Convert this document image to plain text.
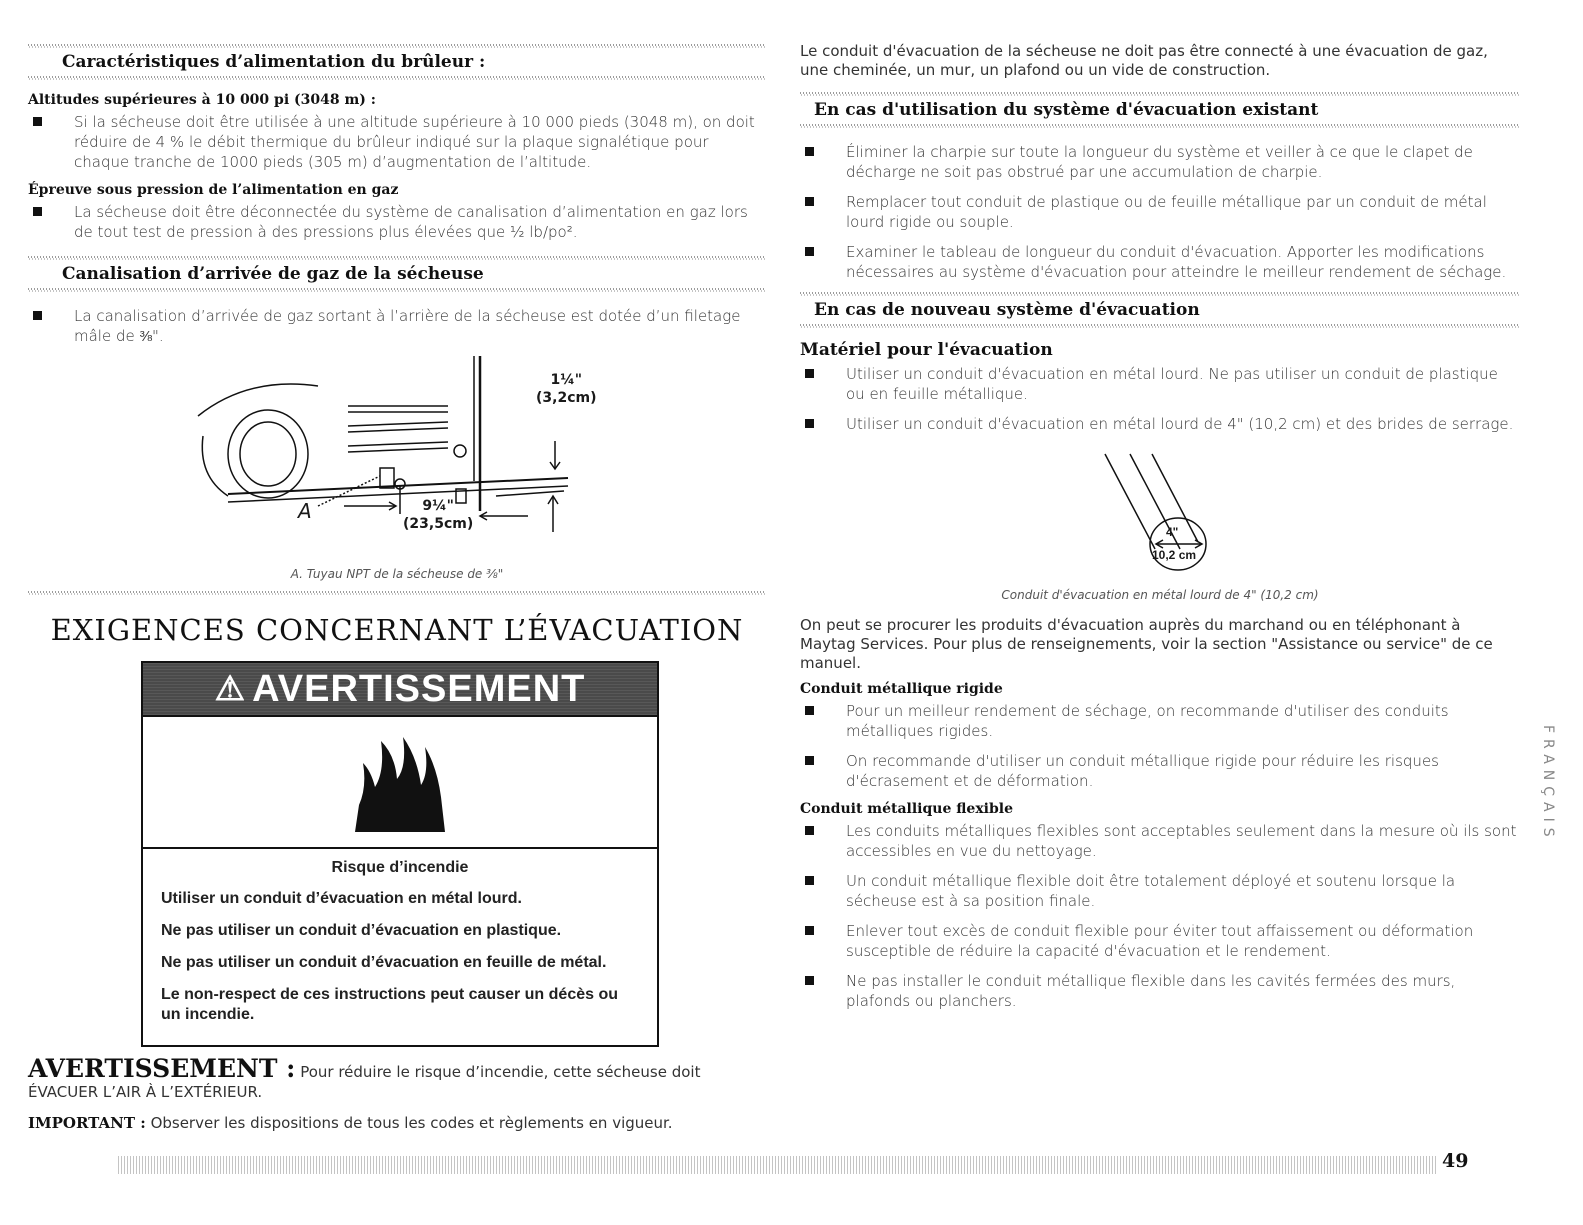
Caractéristiques d’alimentation du brûleur :
Altitudes supérieures à 10 000 pi (3048 m) :
Si la sécheuse doit être utilisée à une altitude supérieure à 10 000 pieds (3048 m), on doit réduire de 4 % le débit thermique du brûleur indiqué sur la plaque signalétique pour chaque tranche de 1000 pieds (305 m) d’augmentation de l’altitude.
Épreuve sous pression de l’alimentation en gaz
La sécheuse doit être déconnectée du système de canalisation d’alimentation en gaz lors de tout test de pression à des pressions plus élevées que ½ lb/po².
Canalisation d’arrivée de gaz de la sécheuse
La canalisation d’arrivée de gaz sortant à l’arrière de la sécheuse est dotée d’un filetage mâle de ⅜".
1¼"
(3,2cm)
9¼"
(23,5cm)
A
A. Tuyau NPT de la sécheuse de ⅜"
EXIGENCES CONCERNANT L’ÉVACUATION
⚠ AVERTISSEMENT
Risque d’incendie
Utiliser un conduit d’évacuation en métal lourd.
Ne pas utiliser un conduit d’évacuation en plastique.
Ne pas utiliser un conduit d’évacuation en feuille de métal.
Le non-respect de ces instructions peut causer un décès ou un incendie.
AVERTISSEMENT : Pour réduire le risque d’incendie, cette sécheuse doit ÉVACUER L’AIR À L’EXTÉRIEUR.
IMPORTANT : Observer les dispositions de tous les codes et règlements en vigueur.

Le conduit d'évacuation de la sécheuse ne doit pas être connecté à une évacuation de gaz, une cheminée, un mur, un plafond ou un vide de construction.

En cas d'utilisation du système d'évacuation existant
Éliminer la charpie sur toute la longueur du système et veiller à ce que le clapet de décharge ne soit pas obstrué par une accumulation de charpie.
Remplacer tout conduit de plastique ou de feuille métallique par un conduit de métal lourd rigide ou souple.
Examiner le tableau de longueur du conduit d'évacuation. Apporter les modifications nécessaires au système d'évacuation pour atteindre le meilleur rendement de séchage.
En cas de nouveau système d'évacuation
Matériel pour l'évacuation
Utiliser un conduit d'évacuation en métal lourd. Ne pas utiliser un conduit de plastique ou en feuille métallique.
Utiliser un conduit d'évacuation en métal lourd de 4" (10,2 cm) et des brides de serrage.
4"
10,2 cm
Conduit d'évacuation en métal lourd de 4" (10,2 cm)

On peut se procurer les produits d'évacuation auprès du marchand ou en téléphonant à Maytag Services. Pour plus de renseignements, voir la section "Assistance ou service" de ce manuel.

Conduit métallique rigide
Pour un meilleur rendement de séchage, on recommande d'utiliser des conduits métalliques rigides.
On recommande d'utiliser un conduit métallique rigide pour réduire les risques d'écrasement et de déformation.
Conduit métallique flexible
Les conduits métalliques flexibles sont acceptables seulement dans la mesure où ils sont accessibles en vue du nettoyage.
Un conduit métallique flexible doit être totalement déployé et soutenu lorsque la sécheuse est à sa position finale.
Enlever tout excès de conduit flexible pour éviter tout affaissement ou déformation susceptible de réduire la capacité d'évacuation et le rendement.
Ne pas installer le conduit métallique flexible dans les cavités fermées des murs, plafonds ou planchers.
FRANÇAIS
49
